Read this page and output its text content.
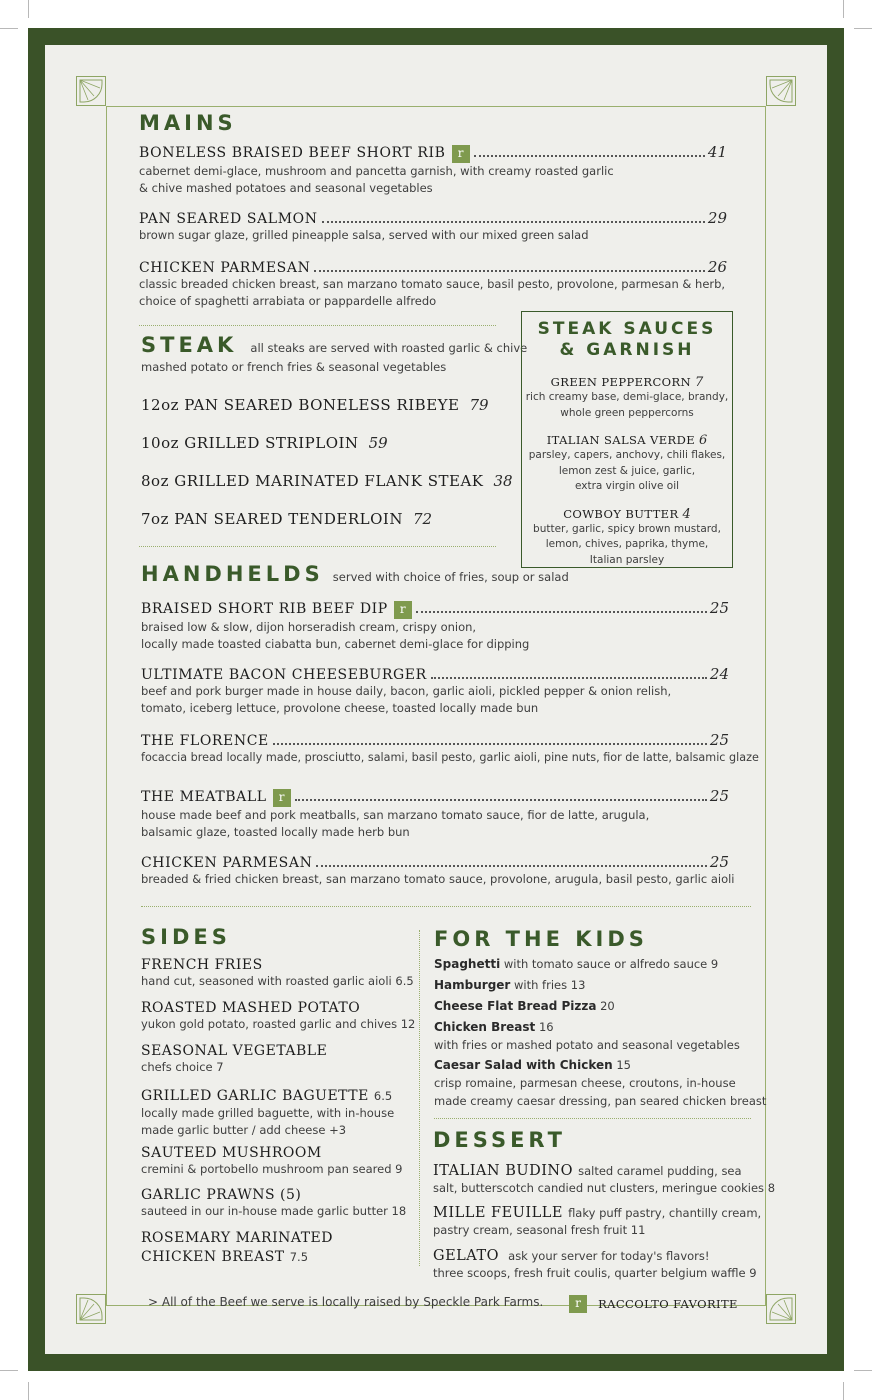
MAINS
BONELESS BRAISED BEEF SHORT RIB	r	41
cabernet demi-glace, mushroom and pancetta garnish, with creamy roasted garlic
& chive mashed potatoes and seasonal vegetables
PAN SEARED SALMON	29
brown sugar glaze, grilled pineapple salsa, served with our mixed green salad
CHICKEN PARMESAN	26
classic breaded chicken breast, san marzano tomato sauce, basil pesto, provolone, parmesan & herb,
choice of spaghetti arrabiata or pappardelle alfredo
STEAK all steaks are served with roasted garlic & chive
mashed potato or french fries & seasonal vegetables
12oz PAN SEARED BONELESS RIBEYE 79
10oz GRILLED STRIPLOIN 59
8oz GRILLED MARINATED FLANK STEAK 38
7oz PAN SEARED TENDERLOIN 72
STEAK SAUCES
& GARNISH
GREEN PEPPERCORN 7
rich creamy base, demi-glace, brandy,
whole green peppercorns
ITALIAN SALSA VERDE 6
parsley, capers, anchovy, chili flakes,
lemon zest & juice, garlic,
extra virgin olive oil
COWBOY BUTTER 4
butter, garlic, spicy brown mustard,
lemon, chives, paprika, thyme,
Italian parsley
HANDHELDS served with choice of fries, soup or salad
BRAISED SHORT RIB BEEF DIP	r	25
braised low & slow, dijon horseradish cream, crispy onion,
locally made toasted ciabatta bun, cabernet demi-glace for dipping
ULTIMATE BACON CHEESEBURGER	24
beef and pork burger made in house daily, bacon, garlic aioli, pickled pepper & onion relish,
tomato, iceberg lettuce, provolone cheese, toasted locally made bun
THE FLORENCE	25
focaccia bread locally made, prosciutto, salami, basil pesto, garlic aioli, pine nuts, fior de latte, balsamic glaze
THE MEATBALL	r	25
house made beef and pork meatballs, san marzano tomato sauce, fior de latte, arugula,
balsamic glaze, toasted locally made herb bun
CHICKEN PARMESAN	25
breaded & fried chicken breast, san marzano tomato sauce, provolone, arugula, basil pesto, garlic aioli
SIDES
FRENCH FRIES
hand cut, seasoned with roasted garlic aioli 6.5
ROASTED MASHED POTATO
yukon gold potato, roasted garlic and chives 12
SEASONAL VEGETABLE
chefs choice 7
GRILLED GARLIC BAGUETTE 6.5
locally made grilled baguette, with in-house
made garlic butter / add cheese +3
SAUTEED MUSHROOM
cremini & portobello mushroom pan seared 9
GARLIC PRAWNS (5)
sauteed in our in-house made garlic butter 18
ROSEMARY MARINATED
CHICKEN BREAST 7.5
FOR THE KIDS
Spaghetti with tomato sauce or alfredo sauce 9
Hamburger with fries 13
Cheese Flat Bread Pizza 20
Chicken Breast 16
with fries or mashed potato and seasonal vegetables
Caesar Salad with Chicken 15
crisp romaine, parmesan cheese, croutons, in-house
made creamy caesar dressing, pan seared chicken breast
DESSERT
ITALIAN BUDINO salted caramel pudding, sea
salt, butterscotch candied nut clusters, meringue cookies 8
MILLE FEUILLE flaky puff pastry, chantilly cream,
pastry cream, seasonal fresh fruit 11
GELATO ask your server for today's flavors!
three scoops, fresh fruit coulis, quarter belgium waffle 9
> All of the Beef we serve is locally raised by Speckle Park Farms.	r RACCOLTO FAVORITE
